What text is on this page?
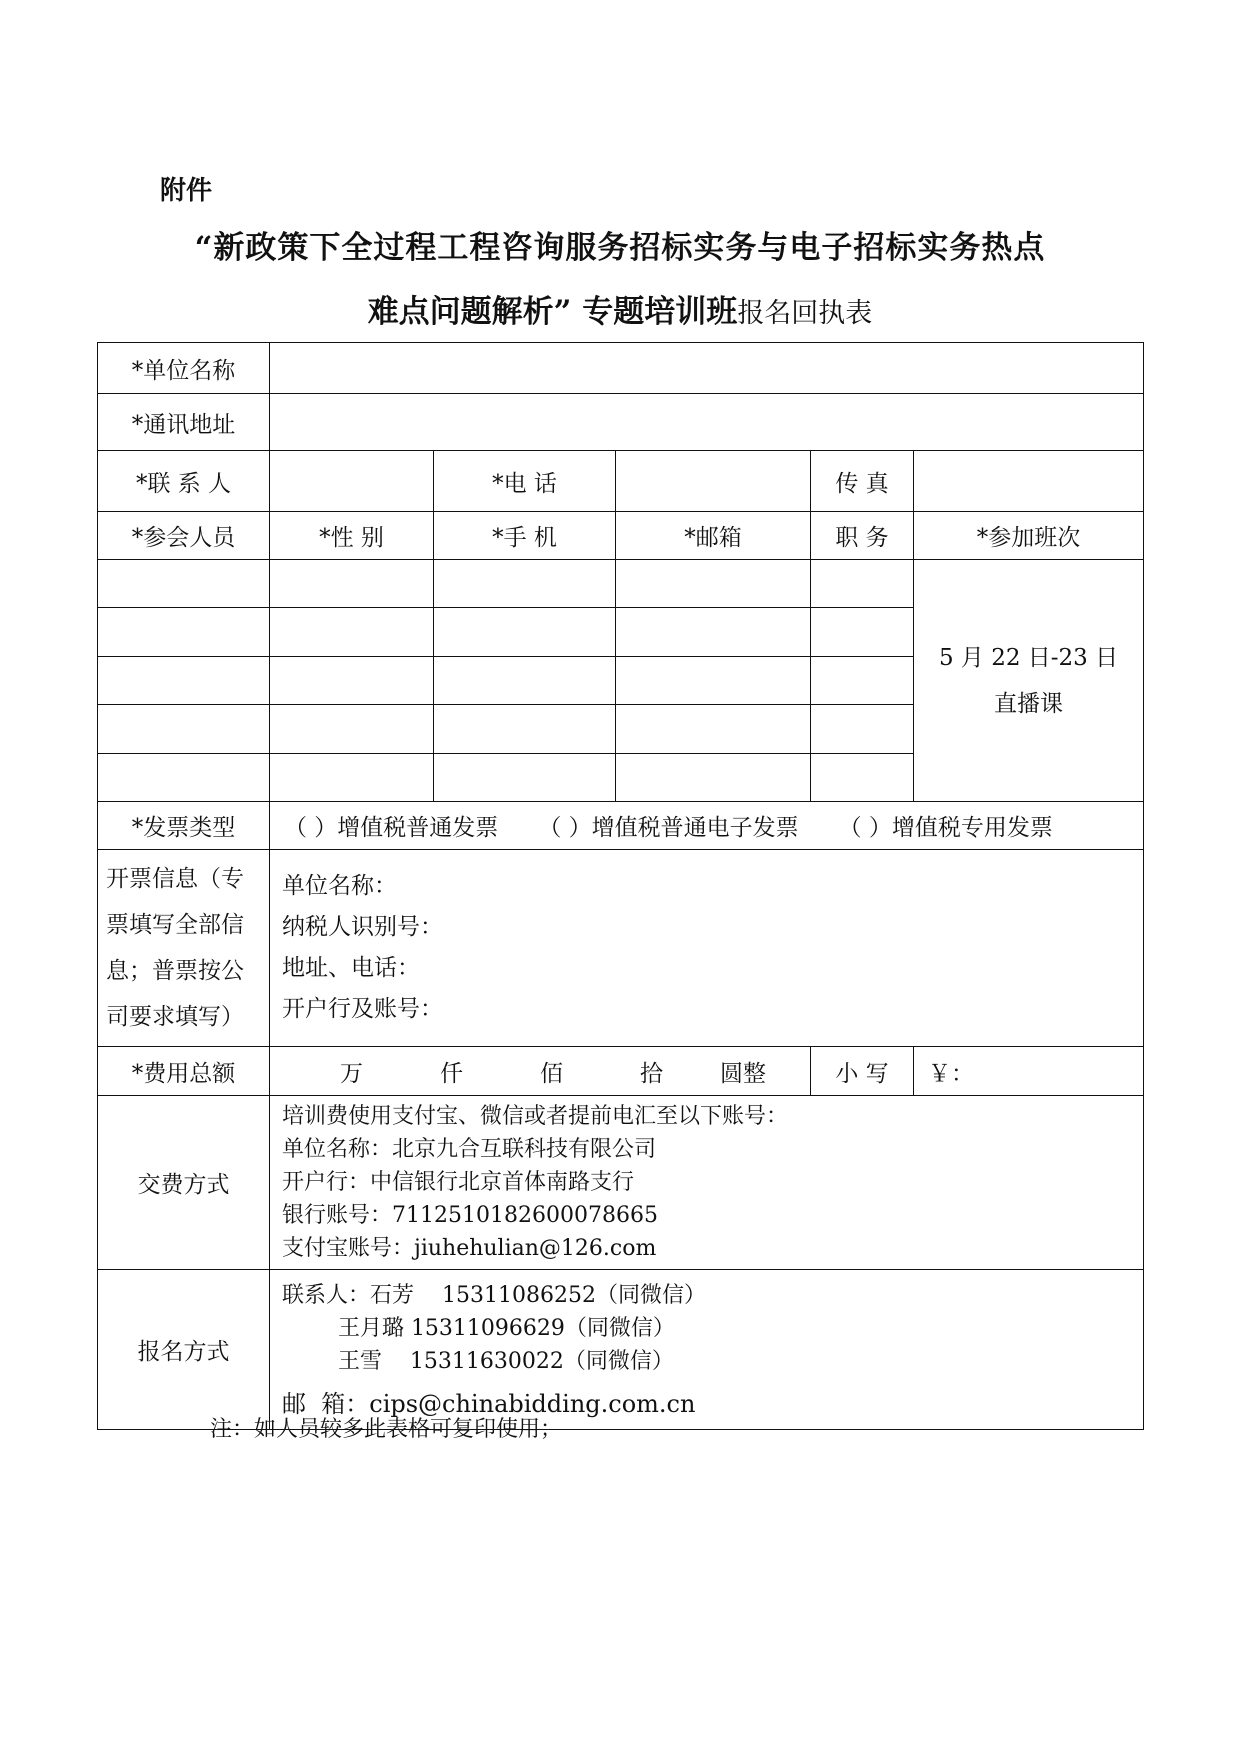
附件
“新政策下全过程工程咨询服务招标实务与电子招标实务热点
难点问题解析” 专题培训班报名回执表
*单位名称					
*通讯地址					
*联 系 人		*电 话		传 真	
*参会人员	*性 别	*手 机	*邮箱	职 务	*参加班次

					5 月 22 日-23 日
直播课

*发票类型	（ ）增值税普通发票 （ ）增值税普通电子发票 （ ）增值税专用发票				
开票信息（专票填写全部信息；普票按公司要求填写）	单位名称：
纳税人识别号：
地址、电话：
开户行及账号：				

*费用总额	万 仟 佰 拾 圆整			小 写	￥：
交费方式	培训费使用支付宝、微信或者提前电汇至以下账号：
单位名称：北京九合互联科技有限公司
开户行：中信银行北京首体南路支行
银行账号：7112510182600078665
支付宝账号：jiuhehulian@126.com				

报名方式	联系人：石芳    15311086252（同微信）
王月璐 15311096629（同微信）
王雪    15311630022（同微信）
邮  箱：cips@chinabidding.com.cn				
注：如人员较多此表格可复印使用；
